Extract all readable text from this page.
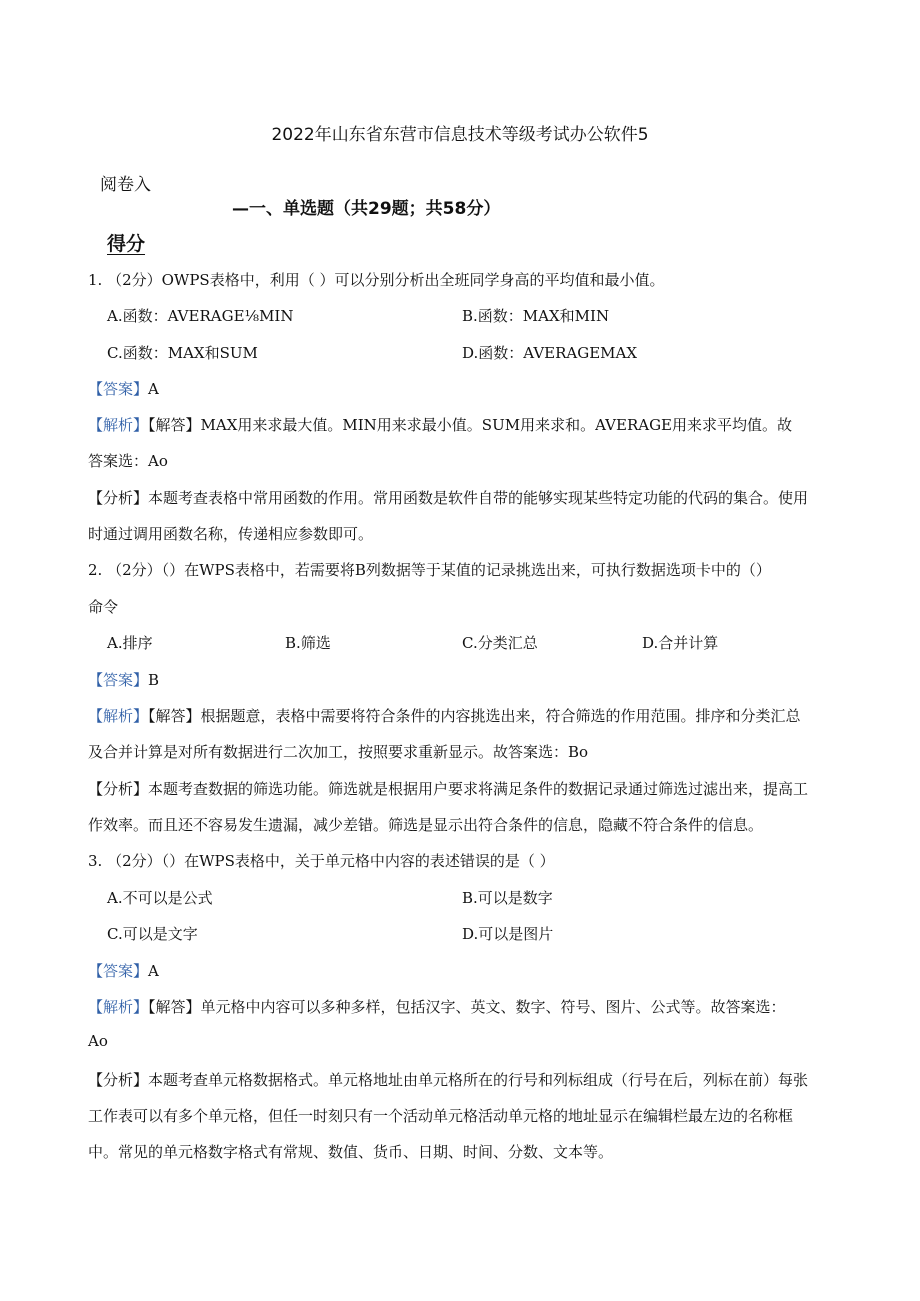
2022年山东省东营市信息技术等级考试办公软件5
阅卷入
—一、单选题（共29题；共58分）
得分
1. （2分）OWPS表格中，利用（ ）可以分别分析出全班同学身高的平均值和最小值。
A.函数：AVERAGE⅛MIN	B.函数：MAX和MIN
C.函数：MAX和SUM	D.函数：AVERAGEMAX
【答案】A
【解析】【解答】MAX用来求最大值。MIN用来求最小值。SUM用来求和。AVERAGE用来求平均值。故
答案选：Ao
【分析】本题考查表格中常用函数的作用。常用函数是软件自带的能够实现某些特定功能的代码的集合。使用
时通过调用函数名称，传递相应参数即可。
2. （2分）（）在WPS表格中，若需要将B列数据等于某值的记录挑选出来，可执行数据选项卡中的（）
命令
A.排序	B.筛选	C.分类汇总	D.合并计算
【答案】B
【解析】【解答】根据题意，表格中需要将符合条件的内容挑选出来，符合筛选的作用范围。排序和分类汇总
及合并计算是对所有数据进行二次加工，按照要求重新显示。故答案选：Bo
【分析】本题考查数据的筛选功能。筛选就是根据用户要求将满足条件的数据记录通过筛选过滤出来，提高工
作效率。而且还不容易发生遗漏，减少差错。筛选是显示出符合条件的信息，隐藏不符合条件的信息。
3. （2分）（）在WPS表格中，关于单元格中内容的表述错误的是（ ）
A.不可以是公式	B.可以是数字
C.可以是文字	D.可以是图片
【答案】A
【解析】【解答】单元格中内容可以多种多样，包括汉字、英文、数字、符号、图片、公式等。故答案选：
Ao
【分析】本题考查单元格数据格式。单元格地址由单元格所在的行号和列标组成（行号在后，列标在前）每张
工作表可以有多个单元格，但任一时刻只有一个活动单元格活动单元格的地址显示在编辑栏最左边的名称框
中。常见的单元格数字格式有常规、数值、货币、日期、时间、分数、文本等。
